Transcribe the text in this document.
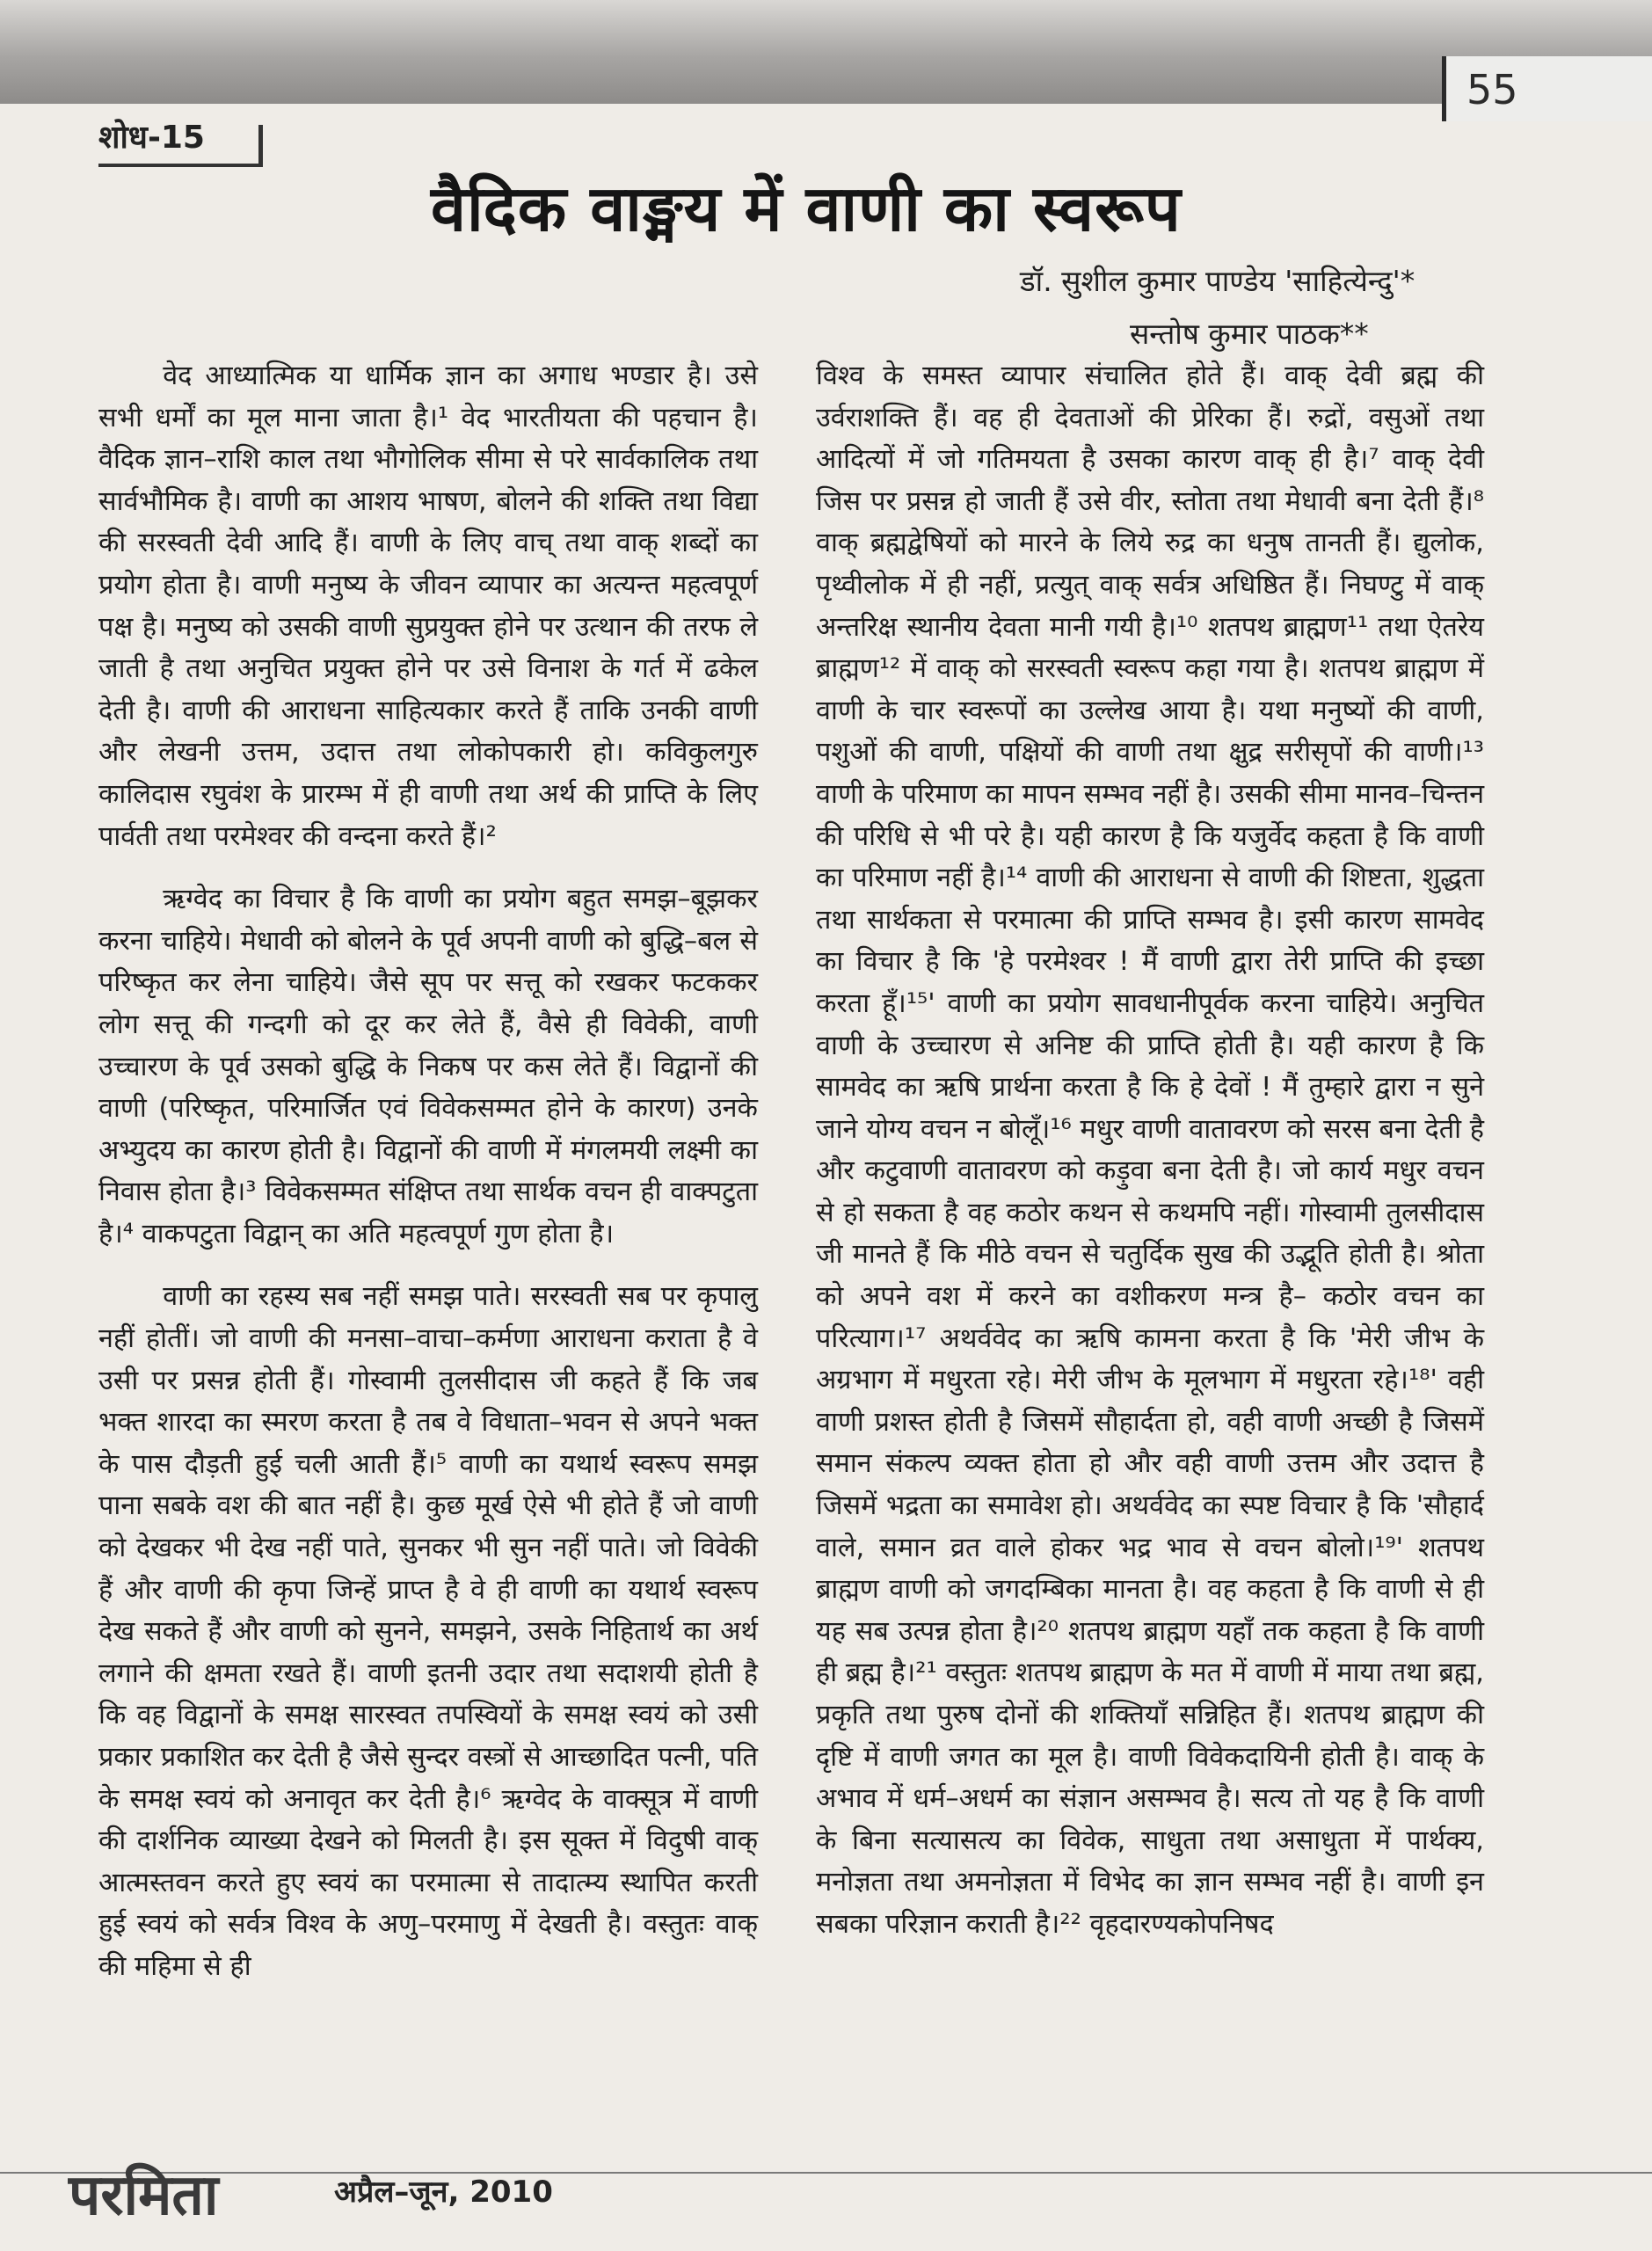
55
शोध-15
वैदिक वाङ्मय में वाणी का स्वरूप
डॉ. सुशील कुमार पाण्डेय 'साहित्येन्दु'*
सन्तोष कुमार पाठक**

वेद आध्यात्मिक या धार्मिक ज्ञान का अगाध भण्डार है। उसे सभी धर्मों का मूल माना जाता है।¹ वेद भारतीयता की पहचान है। वैदिक ज्ञान–राशि काल तथा भौगोलिक सीमा से परे सार्वकालिक तथा सार्वभौमिक है। वाणी का आशय भाषण, बोलने की शक्ति तथा विद्या की सरस्वती देवी आदि हैं। वाणी के लिए वाच् तथा वाक् शब्दों का प्रयोग होता है। वाणी मनुष्य के जीवन व्यापार का अत्यन्त महत्वपूर्ण पक्ष है। मनुष्य को उसकी वाणी सुप्रयुक्त होने पर उत्थान की तरफ ले जाती है तथा अनुचित प्रयुक्त होने पर उसे विनाश के गर्त में ढकेल देती है। वाणी की आराधना साहित्यकार करते हैं ताकि उनकी वाणी और लेखनी उत्तम, उदात्त तथा लोकोपकारी हो। कविकुलगुरु कालिदास रघुवंश के प्रारम्भ में ही वाणी तथा अर्थ की प्राप्ति के लिए पार्वती तथा परमेश्वर की वन्दना करते हैं।²

ऋग्वेद का विचार है कि वाणी का प्रयोग बहुत समझ–बूझकर करना चाहिये। मेधावी को बोलने के पूर्व अपनी वाणी को बुद्धि–बल से परिष्कृत कर लेना चाहिये। जैसे सूप पर सत्तू को रखकर फटककर लोग सत्तू की गन्दगी को दूर कर लेते हैं, वैसे ही विवेकी, वाणी उच्चारण के पूर्व उसको बुद्धि के निकष पर कस लेते हैं। विद्वानों की वाणी (परिष्कृत, परिमार्जित एवं विवेकसम्मत होने के कारण) उनके अभ्युदय का कारण होती है। विद्वानों की वाणी में मंगलमयी लक्ष्मी का निवास होता है।³ विवेकसम्मत संक्षिप्त तथा सार्थक वचन ही वाक्पटुता है।⁴ वाकपटुता विद्वान् का अति महत्वपूर्ण गुण होता है।

वाणी का रहस्य सब नहीं समझ पाते। सरस्वती सब पर कृपालु नहीं होतीं। जो वाणी की मनसा–वाचा–कर्मणा आराधना कराता है वे उसी पर प्रसन्न होती हैं। गोस्वामी तुलसीदास जी कहते हैं कि जब भक्त शारदा का स्मरण करता है तब वे विधाता–भवन से अपने भक्त के पास दौड़ती हुई चली आती हैं।⁵ वाणी का यथार्थ स्वरूप समझ पाना सबके वश की बात नहीं है। कुछ मूर्ख ऐसे भी होते हैं जो वाणी को देखकर भी देख नहीं पाते, सुनकर भी सुन नहीं पाते। जो विवेकी हैं और वाणी की कृपा जिन्हें प्राप्त है वे ही वाणी का यथार्थ स्वरूप देख सकते हैं और वाणी को सुनने, समझने, उसके निहितार्थ का अर्थ लगाने की क्षमता रखते हैं। वाणी इतनी उदार तथा सदाशयी होती है कि वह विद्वानों के समक्ष सारस्वत तपस्वियों के समक्ष स्वयं को उसी प्रकार प्रकाशित कर देती है जैसे सुन्दर वस्त्रों से आच्छादित पत्नी, पति के समक्ष स्वयं को अनावृत कर देती है।⁶ ऋग्वेद के वाक्सूत्र में वाणी की दार्शनिक व्याख्या देखने को मिलती है। इस सूक्त में विदुषी वाक् आत्मस्तवन करते हुए स्वयं का परमात्मा से तादात्म्य स्थापित करती हुई स्वयं को सर्वत्र विश्व के अणु–परमाणु में देखती है। वस्तुतः वाक् की महिमा से ही

विश्व के समस्त व्यापार संचालित होते हैं। वाक् देवी ब्रह्म की उर्वराशक्ति हैं। वह ही देवताओं की प्रेरिका हैं। रुद्रों, वसुओं तथा आदित्यों में जो गतिमयता है उसका कारण वाक् ही है।⁷ वाक् देवी जिस पर प्रसन्न हो जाती हैं उसे वीर, स्तोता तथा मेधावी बना देती हैं।⁸ वाक् ब्रह्मद्वेषियों को मारने के लिये रुद्र का धनुष तानती हैं। द्युलोक, पृथ्वीलोक में ही नहीं, प्रत्युत् वाक् सर्वत्र अधिष्ठित हैं। निघण्टु में वाक् अन्तरिक्ष स्थानीय देवता मानी गयी है।¹⁰ शतपथ ब्राह्मण¹¹ तथा ऐतरेय ब्राह्मण¹² में वाक् को सरस्वती स्वरूप कहा गया है। शतपथ ब्राह्मण में वाणी के चार स्वरूपों का उल्लेख आया है। यथा मनुष्यों की वाणी, पशुओं की वाणी, पक्षियों की वाणी तथा क्षुद्र सरीसृपों की वाणी।¹³ वाणी के परिमाण का मापन सम्भव नहीं है। उसकी सीमा मानव–चिन्तन की परिधि से भी परे है। यही कारण है कि यजुर्वेद कहता है कि वाणी का परिमाण नहीं है।¹⁴ वाणी की आराधना से वाणी की शिष्टता, शुद्धता तथा सार्थकता से परमात्मा की प्राप्ति सम्भव है। इसी कारण सामवेद का विचार है कि 'हे परमेश्वर ! मैं वाणी द्वारा तेरी प्राप्ति की इच्छा करता हूँ।¹⁵' वाणी का प्रयोग सावधानीपूर्वक करना चाहिये। अनुचित वाणी के उच्चारण से अनिष्ट की प्राप्ति होती है। यही कारण है कि सामवेद का ऋषि प्रार्थना करता है कि हे देवों ! मैं तुम्हारे द्वारा न सुने जाने योग्य वचन न बोलूँ।¹⁶ मधुर वाणी वातावरण को सरस बना देती है और कटुवाणी वातावरण को कड़ुवा बना देती है। जो कार्य मधुर वचन से हो सकता है वह कठोर कथन से कथमपि नहीं। गोस्वामी तुलसीदास जी मानते हैं कि मीठे वचन से चतुर्दिक सुख की उद्भूति होती है। श्रोता को अपने वश में करने का वशीकरण मन्त्र है– कठोर वचन का परित्याग।¹⁷ अथर्ववेद का ऋषि कामना करता है कि 'मेरी जीभ के अग्रभाग में मधुरता रहे। मेरी जीभ के मूलभाग में मधुरता रहे।¹⁸' वही वाणी प्रशस्त होती है जिसमें सौहार्दता हो, वही वाणी अच्छी है जिसमें समान संकल्प व्यक्त होता हो और वही वाणी उत्तम और उदात्त है जिसमें भद्रता का समावेश हो। अथर्ववेद का स्पष्ट विचार है कि 'सौहार्द वाले, समान व्रत वाले होकर भद्र भाव से वचन बोलो।¹⁹' शतपथ ब्राह्मण वाणी को जगदम्बिका मानता है। वह कहता है कि वाणी से ही यह सब उत्पन्न होता है।²⁰ शतपथ ब्राह्मण यहाँ तक कहता है कि वाणी ही ब्रह्म है।²¹ वस्तुतः शतपथ ब्राह्मण के मत में वाणी में माया तथा ब्रह्म, प्रकृति तथा पुरुष दोनों की शक्तियाँ सन्निहित हैं। शतपथ ब्राह्मण की दृष्टि में वाणी जगत का मूल है। वाणी विवेकदायिनी होती है। वाक् के अभाव में धर्म–अधर्म का संज्ञान असम्भव है। सत्य तो यह है कि वाणी के बिना सत्यासत्य का विवेक, साधुता तथा असाधुता में पार्थक्य, मनोज्ञता तथा अमनोज्ञता में विभेद का ज्ञान सम्भव नहीं है। वाणी इन सबका परिज्ञान कराती है।²² वृहदारण्यकोपनिषद

परमिता	अप्रैल–जून, 2010
